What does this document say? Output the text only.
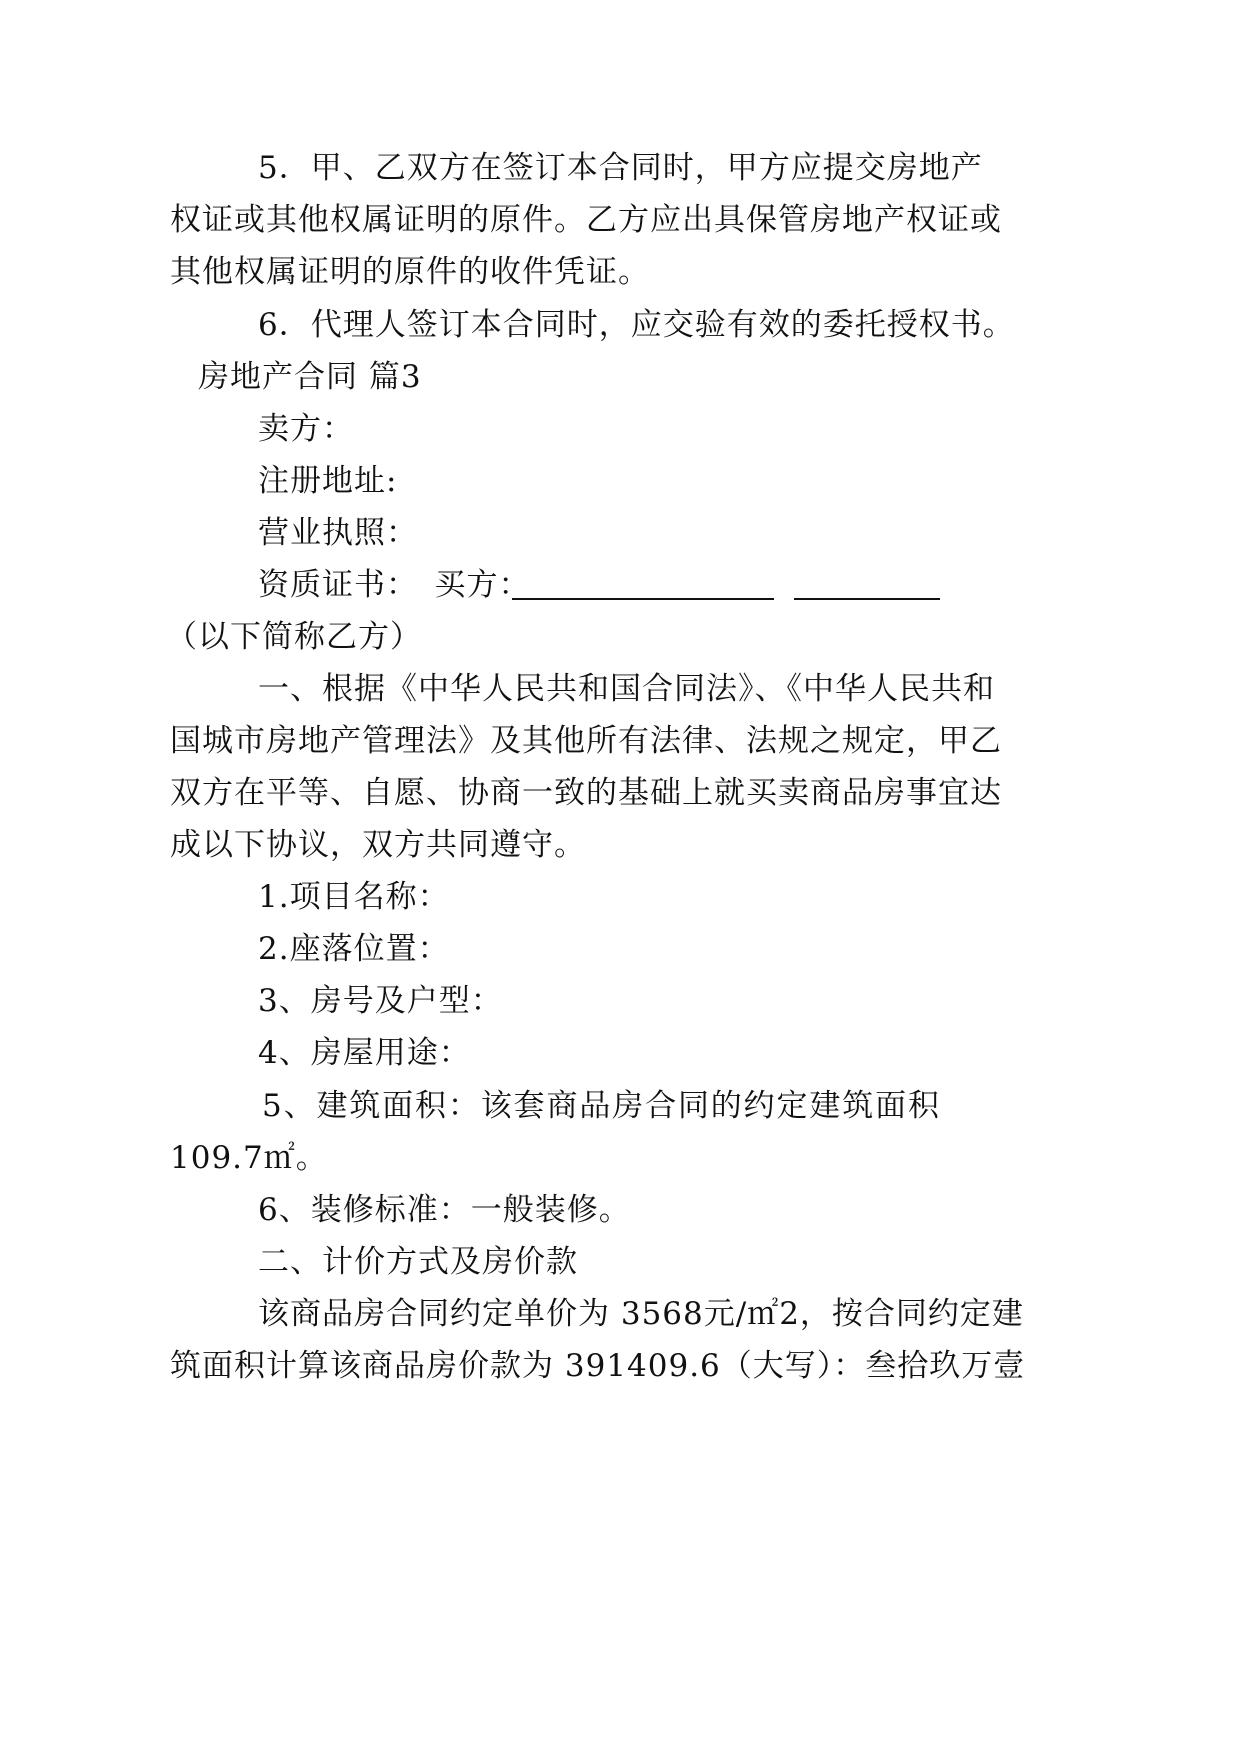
5．甲、乙双方在签订本合同时，甲方应提交房地产
权证或其他权属证明的原件。乙方应出具保管房地产权证或
其他权属证明的原件的收件凭证。
6．代理人签订本合同时，应交验有效的委托授权书。
房地产合同 篇3
卖方：
注册地址:
营业执照：
资质证书：　买方：
（以下简称乙方）
一、根据《中华人民共和国合同法》、《中华人民共和
国城市房地产管理法》及其他所有法律、法规之规定，甲乙
双方在平等、自愿、协商一致的基础上就买卖商品房事宜达
成以下协议，双方共同遵守。
1.项目名称：
2.座落位置：
3、房号及户型：
4、房屋用途：
5、建筑面积：该套商品房合同的约定建筑面积
109.7㎡。
6、装修标准：一般装修。
二、计价方式及房价款
该商品房合同约定单价为 3568元/㎡2，按合同约定建
筑面积计算该商品房价款为 391409.6（大写）：叁拾玖万壹
